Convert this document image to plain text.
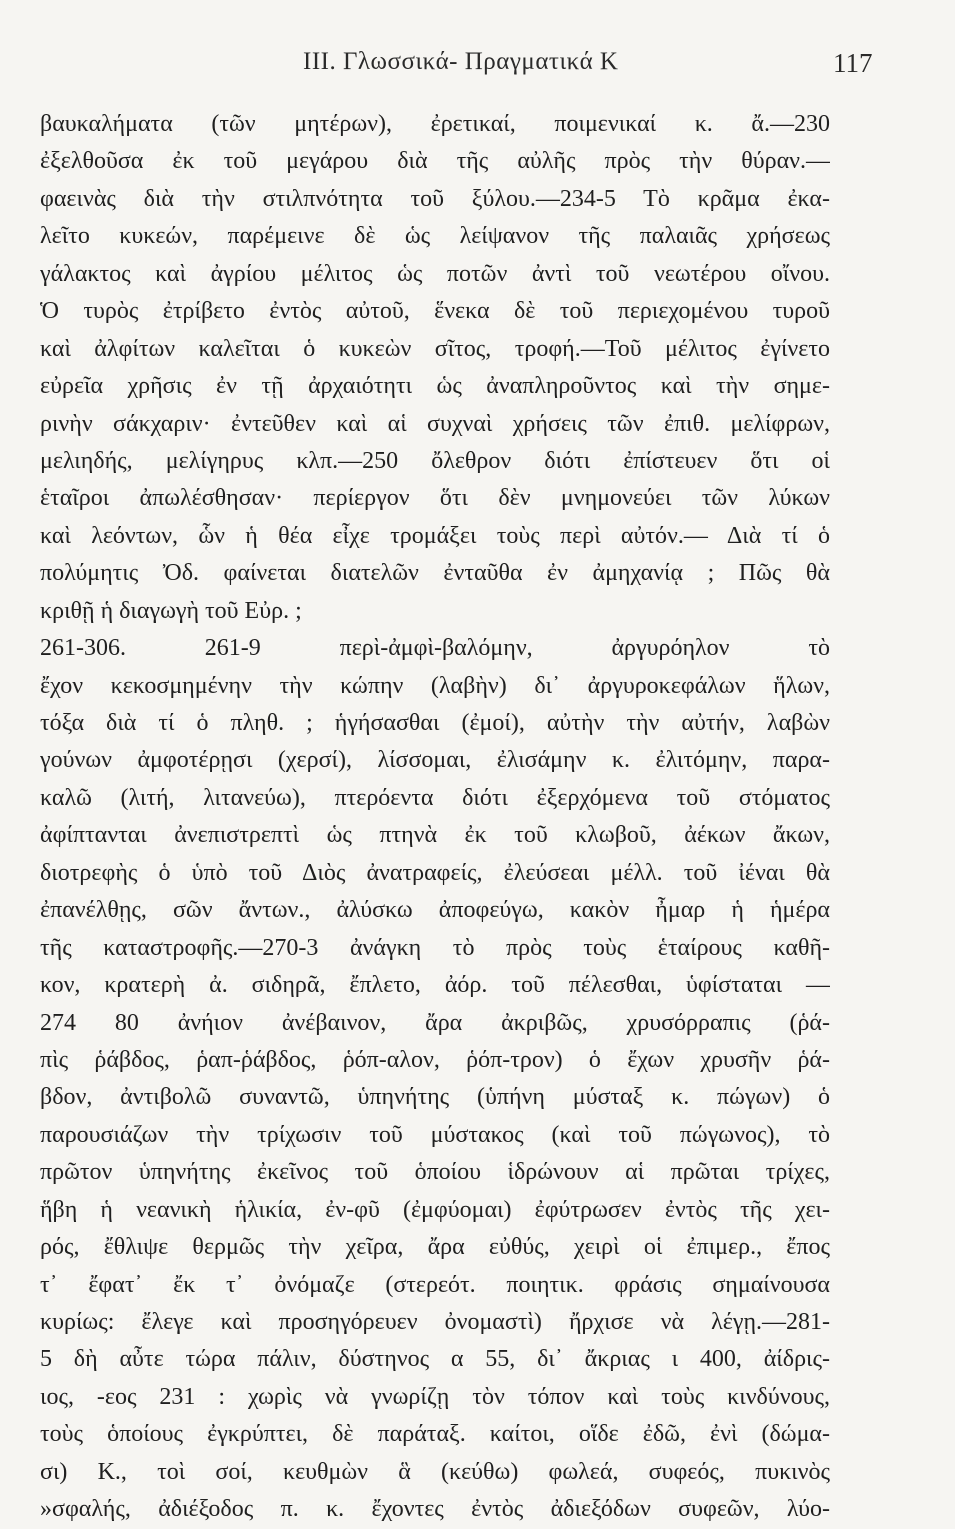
III. Γλωσσικά- Πραγματικά Κ	117
βαυκαλήματα (τῶν μητέρων), ἐρετικαί, ποιμενικαί κ. ἄ.—230
ἐξελθοῦσα ἐκ τοῦ μεγάρου διὰ τῆς αὐλῆς πρὸς τὴν θύραν.—
φαεινὰς διὰ τὴν στιλπνότητα τοῦ ξύλου.—234-5 Τὸ κρᾶμα ἐκα-
λεῖτο κυκεών, παρέμεινε δὲ ὡς λείψανον τῆς παλαιᾶς χρήσεως
γάλακτος καὶ ἀγρίου μέλιτος ὡς ποτῶν ἀντὶ τοῦ νεωτέρου οἴνου.
Ὁ τυρὸς ἐτρίβετο ἐντὸς αὐτοῦ, ἕνεκα δὲ τοῦ περιεχομένου τυροῦ
καὶ ἀλφίτων καλεῖται ὁ κυκεὼν σῖτος, τροφή.—Τοῦ μέλιτος ἐγίνετο
εὐρεῖα χρῆσις ἐν τῇ ἀρχαιότητι ὡς ἀναπληροῦντος καὶ τὴν σημε-
ρινὴν σάκχαριν· ἐντεῦθεν καὶ αἱ συχναὶ χρήσεις τῶν ἐπιθ. μελίφρων,
μελιηδής, μελίγηρυς κλπ.—250 ὄλεθρον διότι ἐπίστευεν ὅτι οἱ
ἑταῖροι ἀπωλέσθησαν· περίεργον ὅτι δὲν μνημονεύει τῶν λύκων
καὶ λεόντων, ὧν ἡ θέα εἶχε τρομάξει τοὺς περὶ αὐτόν.— Διὰ τί ὁ
πολύμητις Ὀδ. φαίνεται διατελῶν ἐνταῦθα ἐν ἀμηχανίᾳ ; Πῶς θὰ
κριθῇ ἡ διαγωγὴ τοῦ Εὐρ. ;
261-306. 261-9 περὶ-ἀμφὶ-βαλόμην, ἀργυρόηλον τὸ
ἔχον κεκοσμημένην τὴν κώπην (λαβὴν) δι᾽ ἀργυροκεφάλων ἥλων,
τόξα διὰ τί ὁ πληθ. ; ἡγήσασθαι (ἐμοί), αὐτὴν τὴν αὐτήν, λαβὼν
γούνων ἀμφοτέρῃσι (χερσί), λίσσομαι, ἐλισάμην κ. ἐλιτόμην, παρα-
καλῶ (λιτή, λιτανεύω), πτερόεντα διότι ἐξερχόμενα τοῦ στόματος
ἀφίπτανται ἀνεπιστρεπτὶ ὡς πτηνὰ ἐκ τοῦ κλωβοῦ, ἀέκων ἄκων,
διοτρεφὴς ὁ ὑπὸ τοῦ Διὸς ἀνατραφείς, ἐλεύσεαι μέλλ. τοῦ ἰέναι θὰ
ἐπανέλθῃς, σῶν ἄντων., ἀλύσκω ἀποφεύγω, κακὸν ἦμαρ ἡ ἡμέρα
τῆς καταστροφῆς.—270-3 ἀνάγκη τὸ πρὸς τοὺς ἑταίρους καθῆ-
κον, κρατερὴ ἀ. σιδηρᾶ, ἔπλετο, ἀόρ. τοῦ πέλεσθαι, ὑφίσταται —
274 80 ἀνήιον ἀνέβαινον, ἄρα ἀκριβῶς, χρυσόρραπις (ῥά-
πὶς ῥάβδος, ῥαπ-ῥάβδος, ῥόπ-αλον, ῥόπ-τρον) ὁ ἔχων χρυσῆν ῥά-
βδον, ἀντιβολῶ συναντῶ, ὑπηνήτης (ὑπήνη μύσταξ κ. πώγων) ὁ
παρουσιάζων τὴν τρίχωσιν τοῦ μύστακος (καὶ τοῦ πώγωνος), τὸ
πρῶτον ὑπηνήτης ἐκεῖνος τοῦ ὁποίου ἱδρώνουν αἱ πρῶται τρίχες,
ἥβη ἡ νεανικὴ ἡλικία, ἐν-φῦ (ἐμφύομαι) ἐφύτρωσεν ἐντὸς τῆς χει-
ρός, ἔθλιψε θερμῶς τὴν χεῖρα, ἄρα εὐθύς, χειρὶ οἱ ἐπιμερ., ἔπος
τ᾽ ἔφατ᾽ ἔκ τ᾽ ὀνόμαζε (στερεότ. ποιητικ. φράσις σημαίνουσα
κυρίως: ἔλεγε καὶ προσηγόρευεν ὀνομαστὶ) ἤρχισε νὰ λέγῃ.—281-
5 δὴ αὖτε τώρα πάλιν, δύστηνος α 55, δι᾽ ἄκριας ι 400, ἀίδρις-
ιος, -εος 231 : χωρὶς νὰ γνωρίζῃ τὸν τόπον καὶ τοὺς κινδύνους,
τοὺς ὁποίους ἐγκρύπτει, δὲ παράταξ. καίτοι, οἵδε ἐδῶ, ἐνὶ (δώμα-
σι) Κ., τοὶ σοί, κευθμὼν ἃ (κεύθω) φωλεά, συφεός, πυκινὸς
»σφαλής, ἀδιέξοδος π. κ. ἔχοντες ἐντὸς ἀδιεξόδων συφεῶν, λύο-
